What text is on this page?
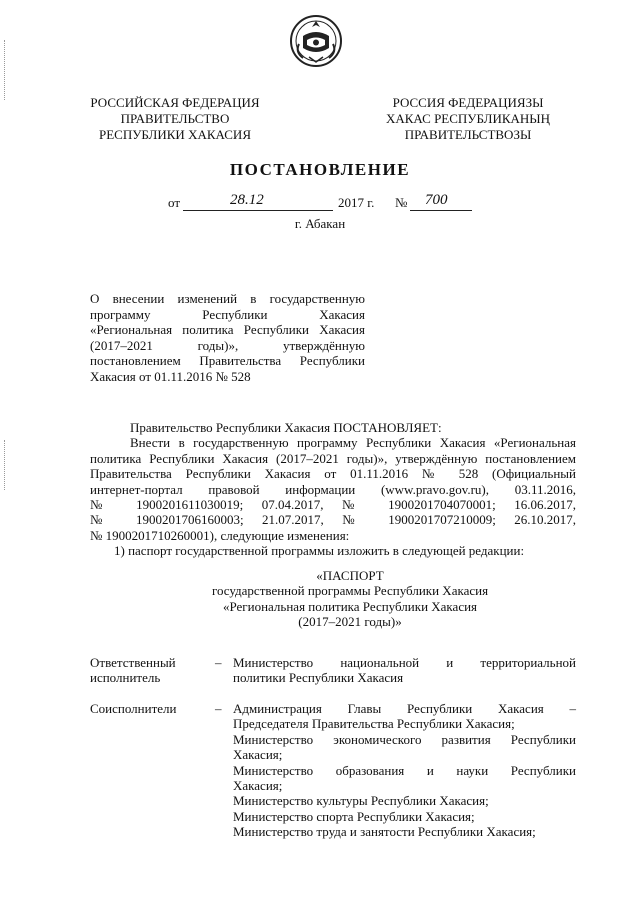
РОССИЙСКАЯ ФЕДЕРАЦИЯ
ПРАВИТЕЛЬСТВО
РЕСПУБЛИКИ ХАКАСИЯ
РОССИЯ ФЕДЕРАЦИЯЗЫ
ХАКАС РЕСПУБЛИКАНЫҢ
ПРАВИТЕЛЬСТВОЗЫ
ПОСТАНОВЛЕНИЕ
от	28.12	2017 г. № 700
г. Абакан
О внесении изменений в государственную
программу Республики Хакасия
«Региональная политика Республики Хакасия
(2017–2021 годы)», утверждённую
постановлением Правительства Республики
Хакасия от 01.11.2016 № 528
Правительство Республики Хакасия ПОСТАНОВЛЯЕТ:
Внести в государственную программу Республики Хакасия «Региональная
политика Республики Хакасия (2017–2021 годы)», утверждённую постановлением
Правительства Республики Хакасия от 01.11.2016 № 528 (Официальный
интернет-портал правовой информации (www.pravo.gov.ru), 03.11.2016,
№ 1900201611030019; 07.04.2017, № 1900201704070001; 16.06.2017,
№ 1900201706160003; 21.07.2017, № 1900201707210009; 26.10.2017,
№ 1900201710260001), следующие изменения:
1) паспорт государственной программы изложить в следующей редакции:
«ПАСПОРТ
государственной программы Республики Хакасия
«Региональная политика Республики Хакасия
(2017–2021 годы)»
Ответственный
исполнитель
– Министерство национальной и территориальной
политики Республики Хакасия
Соисполнители	– Администрация Главы Республики Хакасия –
Председателя Правительства Республики Хакасия;
Министерство экономического развития Республики
Хакасия;
Министерство образования и науки Республики
Хакасия;
Министерство культуры Республики Хакасия;
Министерство спорта Республики Хакасия;
Министерство труда и занятости Республики Хакасия;
